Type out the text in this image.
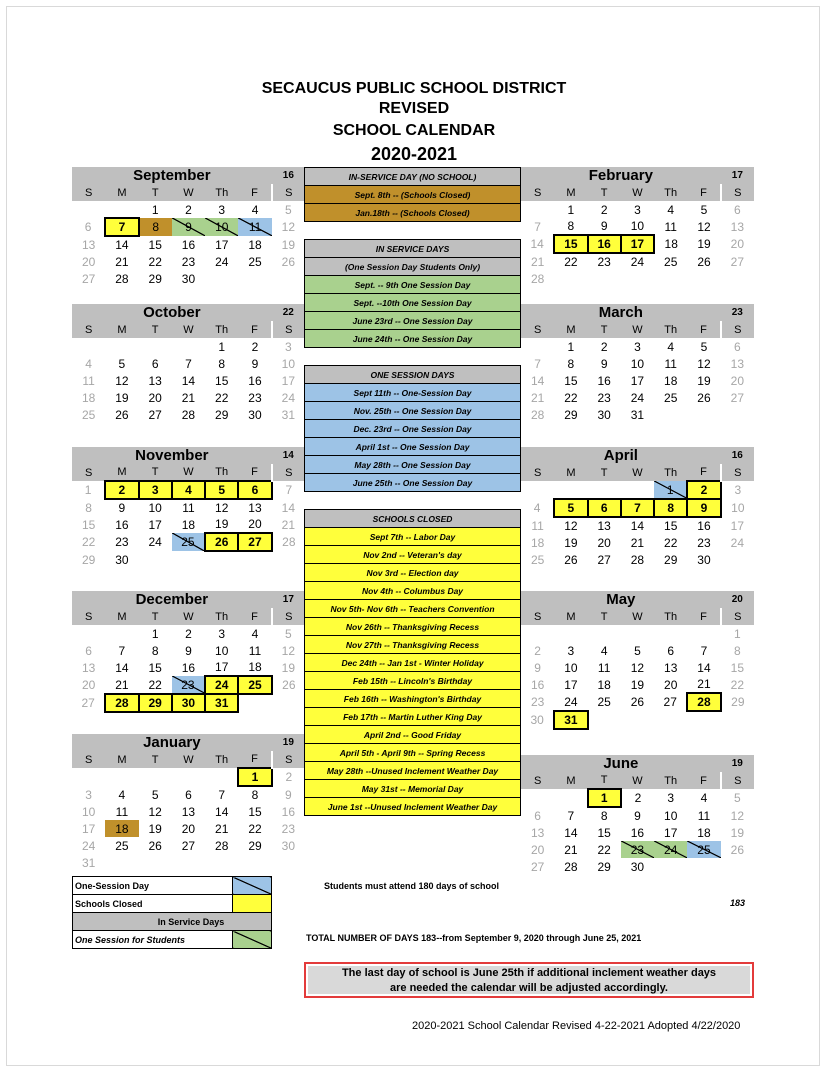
SECAUCUS PUBLIC SCHOOL DISTRICT
REVISED
SCHOOL CALENDAR
2020-2021
September						16
S	M	T	W	Th	F	S
		1	2	3	4	5
6	7	8	9	10	11	12
13	14	15	16	17	18	19
20	21	22	23	24	25	26
27	28	29	30			
October						22
S	M	T	W	Th	F	S
				1	2	3
4	5	6	7	8	9	10
11	12	13	14	15	16	17
18	19	20	21	22	23	24
25	26	27	28	29	30	31
November						14
S	M	T	W	Th	F	S
1	2	3	4	5	6	7
8	9	10	11	12	13	14
15	16	17	18	19	20	21
22	23	24	25	26	27	28
29	30					
December						17
S	M	T	W	Th	F	S
		1	2	3	4	5
6	7	8	9	10	11	12
13	14	15	16	17	18	19
20	21	22	23	24	25	26
27	28	29	30	31		
January						19
S	M	T	W	Th	F	S
					1	2
3	4	5	6	7	8	9
10	11	12	13	14	15	16
17	18	19	20	21	22	23
24	25	26	27	28	29	30
31						
February						17
S	M	T	W	Th	F	S
	1	2	3	4	5	6
7	8	9	10	11	12	13
14	15	16	17	18	19	20
21	22	23	24	25	26	27
28						
March						23
S	M	T	W	Th	F	S
	1	2	3	4	5	6
7	8	9	10	11	12	13
14	15	16	17	18	19	20
21	22	23	24	25	26	27
28	29	30	31			
April						16
S	M	T	W	Th	F	S
				1	2	3
4	5	6	7	8	9	10
11	12	13	14	15	16	17
18	19	20	21	22	23	24
25	26	27	28	29	30	
May						20
S	M	T	W	Th	F	S
						1
2	3	4	5	6	7	8
9	10	11	12	13	14	15
16	17	18	19	20	21	22
23	24	25	26	27	28	29
30	31					
June						19
S	M	T	W	Th	F	S
		1	2	3	4	5
6	7	8	9	10	11	12
13	14	15	16	17	18	19
20	21	22	23	24	25	26
27	28	29	30			
IN-SERVICE DAY (NO SCHOOL)
Sept. 8th -- (Schools Closed)
Jan.18th -- (Schools Closed)

IN SERVICE DAYS
(One Session Day Students Only)
Sept. -- 9th One Session Day
Sept. --10th One Session Day
June 23rd -- One Session Day
June 24th -- One Session Day

ONE SESSION DAYS
Sept 11th -- One-Session Day
Nov. 25th -- One Session Day
Dec. 23rd -- One Session Day
April 1st -- One Session Day
May 28th -- One Session Day
June 25th -- One Session Day

SCHOOLS CLOSED
Sept 7th -- Labor Day
Nov 2nd -- Veteran's day
Nov 3rd -- Election day
Nov 4th -- Columbus Day
Nov 5th- Nov 6th -- Teachers Convention
Nov 26th -- Thanksgiving Recess
Nov 27th -- Thanksgiving Recess
Dec 24th -- Jan 1st - Winter Holiday
Feb 15th -- Lincoln's Birthday
Feb 16th -- Washington's Birthday
Feb 17th -- Martin Luther King Day
April 2nd -- Good Friday
April 5th - April 9th -- Spring Recess
May 28th --Unused Inclement Weather Day
May 31st -- Memorial Day
June 1st --Unused Inclement Weather Day
One-Session Day	
Schools Closed	
In Service Days	
One Session for Students	
Students must attend 180 days of school
183
TOTAL NUMBER OF DAYS 183--from September 9, 2020 through June 25, 2021
The last day of school is June 25th if additional inclement weather days
are needed the calendar will be adjusted accordingly.
2020-2021 School Calendar Revised 4-22-2021 Adopted 4/22/2020
